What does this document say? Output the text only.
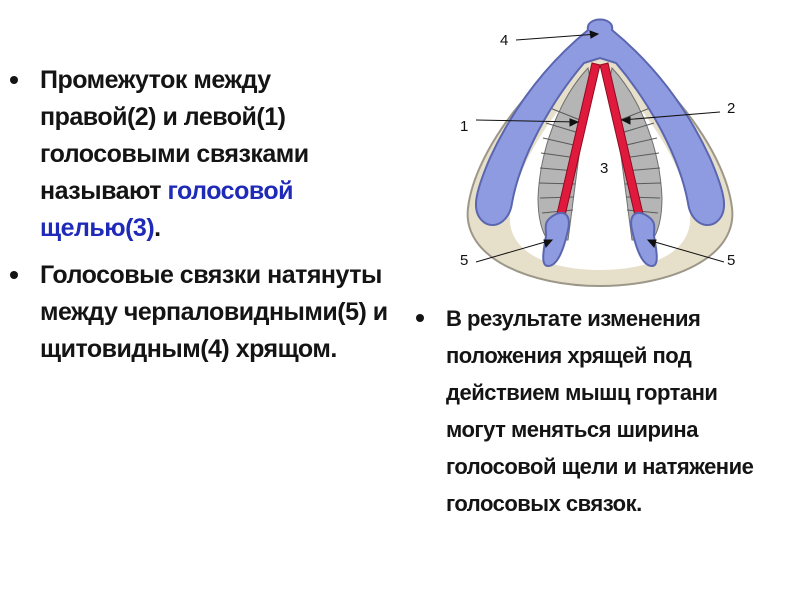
Промежуток между правой(2) и левой(1) голосовыми связками называют голосовой щелью(3).
Голосовые связки натянуты между черпаловидными(5) и щитовидным(4) хрящом.
4
2
1
3
5	5
В результате изменения положения хрящей под действием мышц гортани могут меняться ширина голосовой щели и натяжение голосовых связок.
